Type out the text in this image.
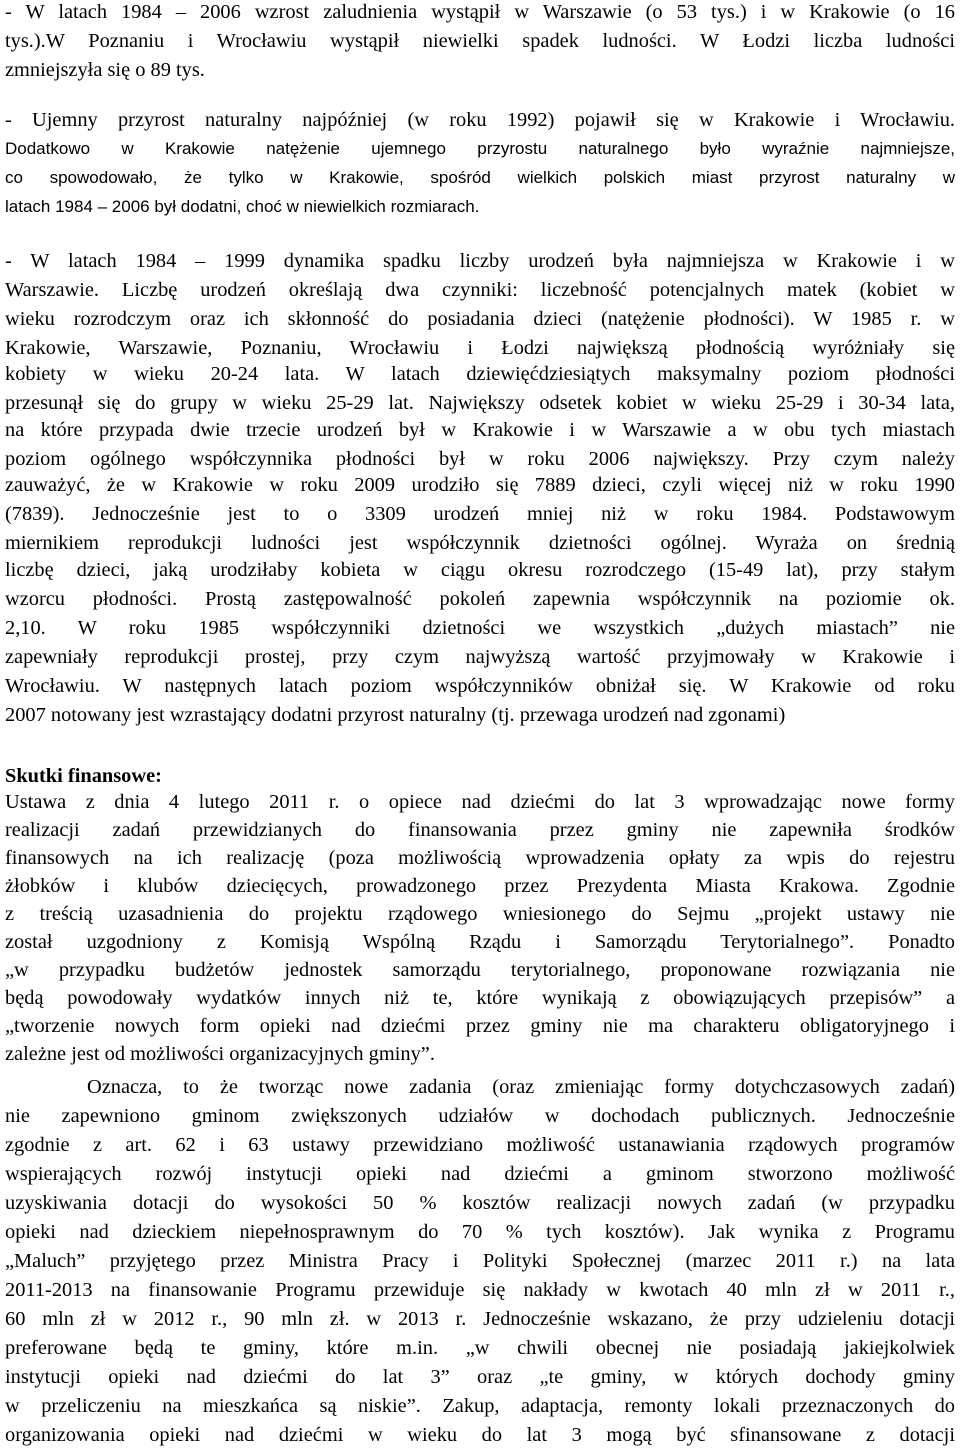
- W latach 1984 – 2006 wzrost zaludnienia wystąpił w Warszawie (o 53 tys.) i w Krakowie (o 16
tys.).W Poznaniu i Wrocławiu wystąpił niewielki spadek ludności. W Łodzi liczba ludności
zmniejszyła się o 89 tys.
- Ujemny przyrost naturalny najpóźniej (w roku 1992) pojawił się w Krakowie i Wrocławiu.
Dodatkowo w Krakowie natężenie ujemnego przyrostu naturalnego było wyraźnie najmniejsze,
co spowodowało, że tylko w Krakowie, spośród wielkich polskich miast przyrost naturalny w
latach 1984 – 2006 był dodatni, choć w niewielkich rozmiarach.
- W latach 1984 – 1999 dynamika spadku liczby urodzeń była najmniejsza w Krakowie i w
Warszawie. Liczbę urodzeń określają dwa czynniki: liczebność potencjalnych matek (kobiet w
wieku rozrodczym oraz ich skłonność do posiadania dzieci (natężenie płodności). W 1985 r. w
Krakowie, Warszawie, Poznaniu, Wrocławiu i Łodzi największą płodnością wyróżniały się
kobiety w wieku 20-24 lata. W latach dziewięćdziesiątych maksymalny poziom płodności
przesunął się do grupy w wieku 25-29 lat. Największy odsetek kobiet w wieku 25-29 i 30-34 lata,
na które przypada dwie trzecie urodzeń był w Krakowie i w Warszawie a w obu tych miastach
poziom ogólnego współczynnika płodności był w roku 2006 największy. Przy czym należy
zauważyć, że w Krakowie w roku 2009 urodziło się 7889 dzieci, czyli więcej niż w roku 1990
(7839). Jednocześnie jest to o 3309 urodzeń mniej niż w roku 1984. Podstawowym
miernikiem reprodukcji ludności jest współczynnik dzietności ogólnej. Wyraża on średnią
liczbę dzieci, jaką urodziłaby kobieta w ciągu okresu rozrodczego (15-49 lat), przy stałym
wzorcu płodności. Prostą zastępowalność pokoleń zapewnia współczynnik na poziomie ok.
2,10. W roku 1985 współczynniki dzietności we wszystkich „dużych miastach” nie
zapewniały reprodukcji prostej, przy czym najwyższą wartość przyjmowały w Krakowie i
Wrocławiu. W następnych latach poziom współczynników obniżał się. W Krakowie od roku
2007 notowany jest wzrastający dodatni przyrost naturalny (tj. przewaga urodzeń nad zgonami)
Skutki finansowe:
Ustawa z dnia 4 lutego 2011 r. o opiece nad dziećmi do lat 3 wprowadzając nowe formy
realizacji zadań przewidzianych do finansowania przez gminy nie zapewniła środków
finansowych na ich realizację (poza możliwością wprowadzenia opłaty za wpis do rejestru
żłobków i klubów dziecięcych, prowadzonego przez Prezydenta Miasta Krakowa. Zgodnie
z treścią uzasadnienia do projektu rządowego wniesionego do Sejmu „projekt ustawy nie
został uzgodniony z Komisją Wspólną Rządu i Samorządu Terytorialnego”. Ponadto
„w przypadku budżetów jednostek samorządu terytorialnego, proponowane rozwiązania nie
będą powodowały wydatków innych niż te, które wynikają z obowiązujących przepisów” a
„tworzenie nowych form opieki nad dziećmi przez gminy nie ma charakteru obligatoryjnego i
zależne jest od możliwości organizacyjnych gminy”.
Oznacza, to że tworząc nowe zadania (oraz zmieniając formy dotychczasowych zadań)
nie zapewniono gminom zwiększonych udziałów w dochodach publicznych. Jednocześnie
zgodnie z art. 62 i 63 ustawy przewidziano możliwość ustanawiania rządowych programów
wspierających rozwój instytucji opieki nad dziećmi a gminom stworzono możliwość
uzyskiwania dotacji do wysokości 50 % kosztów realizacji nowych zadań (w przypadku
opieki nad dzieckiem niepełnosprawnym do 70 % tych kosztów). Jak wynika z Programu
„Maluch” przyjętego przez Ministra Pracy i Polityki Społecznej (marzec 2011 r.) na lata
2011-2013 na finansowanie Programu przewiduje się nakłady w kwotach 40 mln zł w 2011 r.,
60 mln zł w 2012 r., 90 mln zł. w 2013 r. Jednocześnie wskazano, że przy udzieleniu dotacji
preferowane będą te gminy, które m.in. „w chwili obecnej nie posiadają jakiejkolwiek
instytucji opieki nad dziećmi do lat 3” oraz „te gminy, w których dochody gminy
w przeliczeniu na mieszkańca są niskie”. Zakup, adaptacja, remonty lokali przeznaczonych do
organizowania opieki nad dziećmi w wieku do lat 3 mogą być sfinansowane z dotacji
